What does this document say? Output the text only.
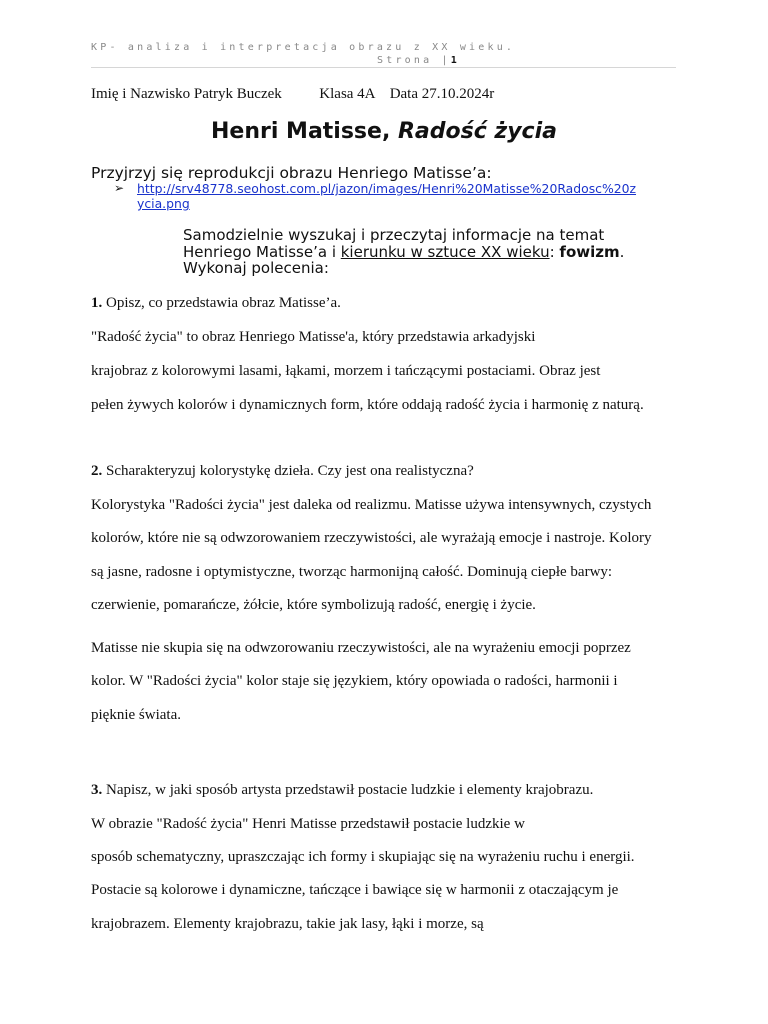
KP- analiza i interpretacja obrazu z XX wieku.
Strona |1
Imię i Nazwisko Patryk Buczek          Klasa 4A    Data 27.10.2024r
Henri Matisse, Radość życia
Przyjrzyj się reprodukcji obrazu Henriego Matisse’a:
➢ http://srv48778.seohost.com.pl/jazon/images/Henri%20Matisse%20Radosc%20zycia.png
Samodzielnie wyszukaj i przeczytaj informacje na temat Henriego Matisse’a i kierunku w sztuce XX wieku: fowizm. Wykonaj polecenia:
1. Opisz, co przedstawia obraz Matisse’a.
"Radość życia" to obraz Henriego Matisse'a, który przedstawia arkadyjski
krajobraz z kolorowymi lasami, łąkami, morzem i tańczącymi postaciami. Obraz jest
pełen żywych kolorów i dynamicznych form, które oddają radość życia i harmonię z naturą.
2. Scharakteryzuj kolorystykę dzieła. Czy jest ona realistyczna?
Kolorystyka "Radości życia" jest daleka od realizmu. Matisse używa intensywnych, czystych
kolorów, które nie są odwzorowaniem rzeczywistości, ale wyrażają emocje i nastroje. Kolory
są jasne, radosne i optymistyczne, tworząc harmonijną całość. Dominują ciepłe barwy:
czerwienie, pomarańcze, żółcie, które symbolizują radość, energię i życie.
Matisse nie skupia się na odwzorowaniu rzeczywistości, ale na wyrażeniu emocji poprzez
kolor. W "Radości życia" kolor staje się językiem, który opowiada o radości, harmonii i
pięknie świata.
3. Napisz, w jaki sposób artysta przedstawił postacie ludzkie i elementy krajobrazu.
W obrazie "Radość życia" Henri Matisse przedstawił postacie ludzkie w
sposób schematyczny, upraszczając ich formy i skupiając się na wyrażeniu ruchu i energii.
Postacie są kolorowe i dynamiczne, tańczące i bawiące się w harmonii z otaczającym je
krajobrazem. Elementy krajobrazu, takie jak lasy, łąki i morze, są
